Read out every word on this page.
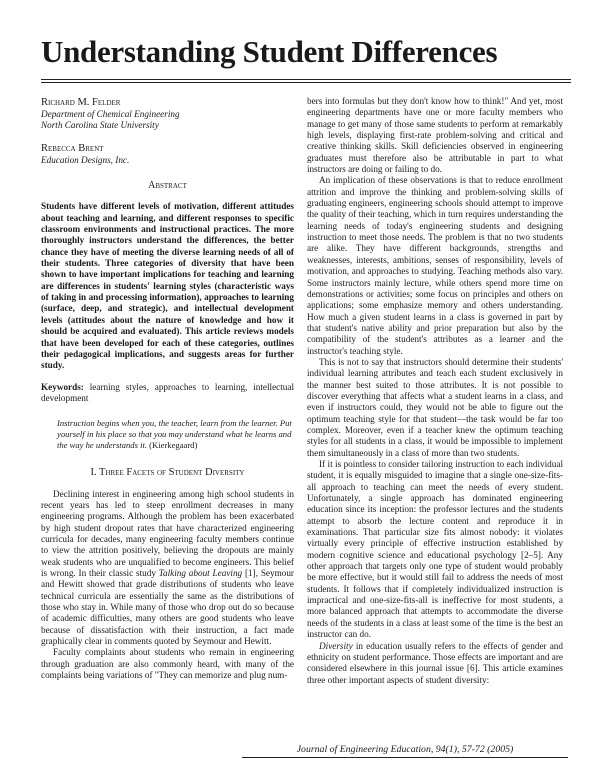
Understanding Student Differences
Richard M. Felder
Department of Chemical Engineering
North Carolina State University
Rebecca Brent
Education Designs, Inc.
Abstract
Students have different levels of motivation, different attitudes about teaching and learning, and different responses to specific classroom environments and instructional practices. The more thoroughly instructors understand the differences, the better chance they have of meeting the diverse learning needs of all of their students. Three categories of diversity that have been shown to have important implications for teaching and learning are differences in students' learning styles (characteristic ways of taking in and processing information), approaches to learning (surface, deep, and strategic), and intellectual development levels (attitudes about the nature of knowledge and how it should be acquired and evaluated). This article reviews models that have been developed for each of these categories, outlines their pedagogical implications, and suggests areas for further study.
Keywords: learning styles, approaches to learning, intellectual development
Instruction begins when you, the teacher, learn from the learner. Put yourself in his place so that you may understand what he learns and the way he understands it. (Kierkegaard)
I. Three Facets of Student Diversity

Declining interest in engineering among high school students in recent years has led to steep enrollment decreases in many engineering programs. Although the problem has been exacerbated by high student dropout rates that have characterized engineering curricula for decades, many engineering faculty members continue to view the attrition positively, believing the dropouts are mainly weak students who are unqualified to become engineers. This belief is wrong. In their classic study Talking about Leaving [1], Seymour and Hewitt showed that grade distributions of students who leave technical curricula are essentially the same as the distributions of those who stay in. While many of those who drop out do so because of academic difficulties, many others are good students who leave because of dissatisfaction with their instruction, a fact made graphically clear in comments quoted by Seymour and Hewitt.

Faculty complaints about students who remain in engineering through graduation are also commonly heard, with many of the complaints being variations of "They can memorize and plug num-

bers into formulas but they don't know how to think!" And yet, most engineering departments have one or more faculty members who manage to get many of those same students to perform at remarkably high levels, displaying first-rate problem-solving and critical and creative thinking skills. Skill deficiencies observed in engineering graduates must therefore also be attributable in part to what instructors are doing or failing to do.

An implication of these observations is that to reduce enrollment attrition and improve the thinking and problem-solving skills of graduating engineers, engineering schools should attempt to improve the quality of their teaching, which in turn requires understanding the learning needs of today's engineering students and designing instruction to meet those needs. The problem is that no two students are alike. They have different backgrounds, strengths and weaknesses, interests, ambitions, senses of responsibility, levels of motivation, and approaches to studying. Teaching methods also vary. Some instructors mainly lecture, while others spend more time on demonstrations or activities; some focus on principles and others on applications; some emphasize memory and others understanding. How much a given student learns in a class is governed in part by that student's native ability and prior preparation but also by the compatibility of the student's attributes as a learner and the instructor's teaching style.

This is not to say that instructors should determine their students' individual learning attributes and teach each student exclusively in the manner best suited to those attributes. It is not possible to discover everything that affects what a student learns in a class, and even if instructors could, they would not be able to figure out the optimum teaching style for that student—the task would be far too complex. Moreover, even if a teacher knew the optimum teaching styles for all students in a class, it would be impossible to implement them simultaneously in a class of more than two students.

If it is pointless to consider tailoring instruction to each individual student, it is equally misguided to imagine that a single one-size-fits-all approach to teaching can meet the needs of every student. Unfortunately, a single approach has dominated engineering education since its inception: the professor lectures and the students attempt to absorb the lecture content and reproduce it in examinations. That particular size fits almost nobody: it violates virtually every principle of effective instruction established by modern cognitive science and educational psychology [2–5]. Any other approach that targets only one type of student would probably be more effective, but it would still fail to address the needs of most students. It follows that if completely individualized instruction is impractical and one-size-fits-all is ineffective for most students, a more balanced approach that attempts to accommodate the diverse needs of the students in a class at least some of the time is the best an instructor can do.

Diversity in education usually refers to the effects of gender and ethnicity on student performance. Those effects are important and are considered elsewhere in this journal issue [6]. This article examines three other important aspects of student diversity:

Journal of Engineering Education, 94(1), 57-72 (2005)
